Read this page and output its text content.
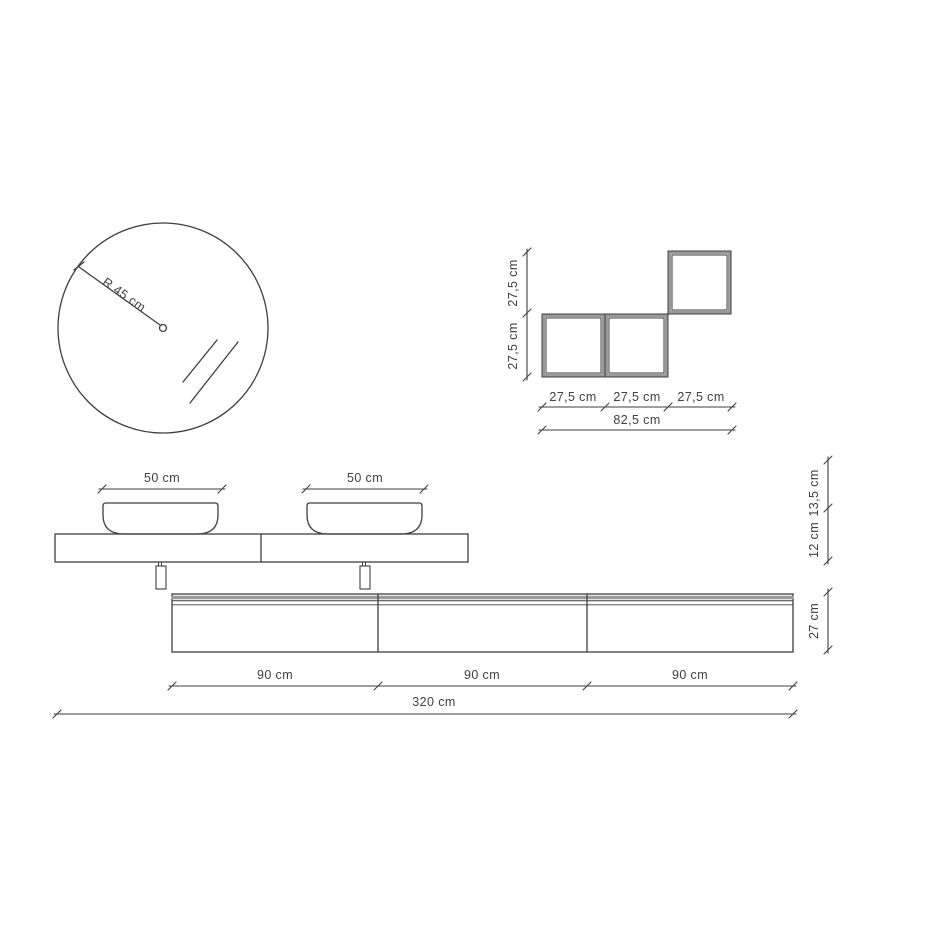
R 45 cm	27,5 cm
27,5 cm
27,5 cm 27,5 cm 27,5 cm
82,5 cm
50 cm	50 cm	13,5 cm
12 cm
27 cm
90 cm	90 cm	90 cm
320 cm
